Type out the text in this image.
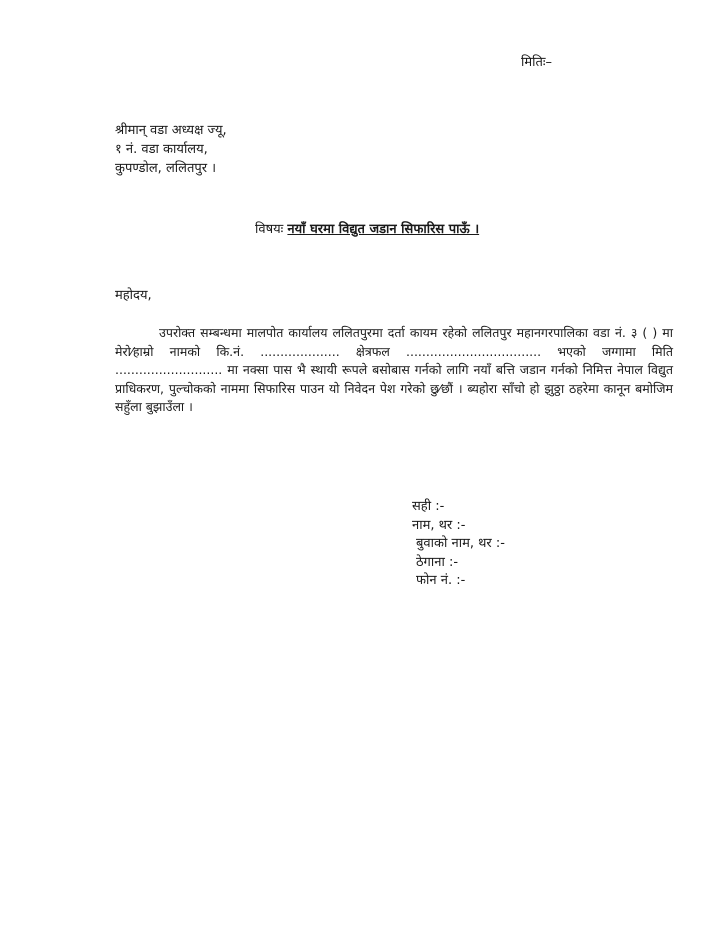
मितिः–
श्रीमान् वडा अध्यक्ष ज्यू,
१ नं. वडा कार्यालय,
कुपण्डोल, ललितपुर ।
विषयः नयाँ घरमा विद्युत जडान सिफारिस पाऊँ ।
महोदय,
उपरोक्त सम्बन्धमा मालपोत कार्यालय ललितपुरमा दर्ता कायम रहेको ललितपुर महानगरपालिका वडा नं. ३ ( ) मा मेरो⁄हाम्रो नामको कि.नं. .................... क्षेत्रफल .................................. भएको जग्गामा मिति ........................... मा नक्सा पास भै स्थायी रूपले बसोबास गर्नको लागि नयाँ बत्ति जडान गर्नको निमित्त नेपाल विद्युत प्राधिकरण, पुल्चोकको नाममा सिफारिस पाउन यो निवेदन पेश गरेको छु⁄छौं । ब्यहोरा साँचो हो झुठ्ठा ठहरेमा कानून बमोजिम सहुँला बुझाउँला ।
सही :-
नाम, थर :-
बुवाको नाम, थर :-
ठेगाना :-
फोन नं. :-
